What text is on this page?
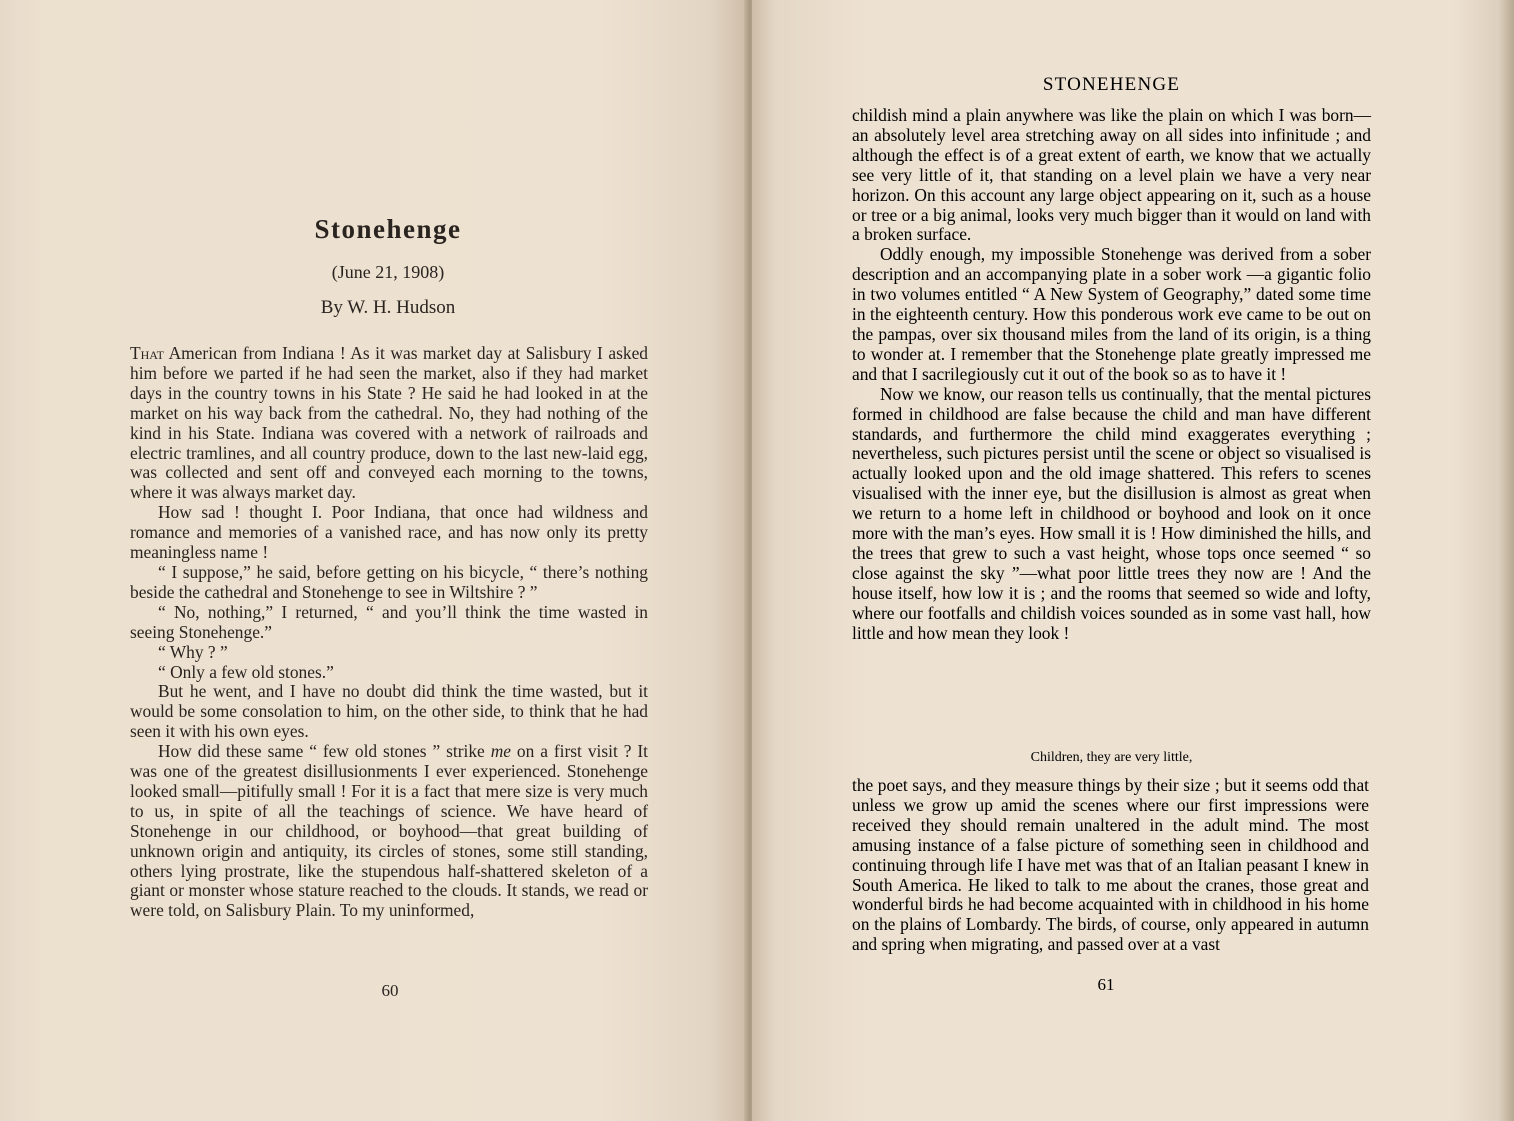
Stonehenge
(June 21, 1908)
By W. H. Hudson

That American from Indiana ! As it was market day at Salisbury I asked him before we parted if he had seen the market, also if they had market days in the country towns in his State ? He said he had looked in at the market on his way back from the cathedral. No, they had nothing of the kind in his State. Indiana was covered with a network of railroads and electric tramlines, and all country produce, down to the last new-laid egg, was collected and sent off and conveyed each morning to the towns, where it was always market day.

How sad ! thought I. Poor Indiana, that once had wildness and romance and memories of a vanished race, and has now only its pretty meaningless name !

“ I suppose,” he said, before getting on his bicycle, “ there’s nothing beside the cathedral and Stonehenge to see in Wiltshire ? ”

“ No, nothing,” I returned, “ and you’ll think the time wasted in seeing Stonehenge.”

“ Why ? ”

“ Only a few old stones.”

But he went, and I have no doubt did think the time wasted, but it would be some consolation to him, on the other side, to think that he had seen it with his own eyes.

How did these same “ few old stones ” strike me on a first visit ? It was one of the greatest disillusionments I ever experienced. Stonehenge looked small—pitifully small ! For it is a fact that mere size is very much to us, in spite of all the teachings of science. We have heard of Stonehenge in our childhood, or boyhood—that great building of unknown origin and antiquity, its circles of stones, some still standing, others lying prostrate, like the stupendous half-shattered skeleton of a giant or monster whose stature reached to the clouds. It stands, we read or were told, on Salisbury Plain. To my uninformed,

60
STONEHENGE

childish mind a plain anywhere was like the plain on which I was born—an absolutely level area stretching away on all sides into infinitude ; and although the effect is of a great extent of earth, we know that we actually see very little of it, that standing on a level plain we have a very near horizon. On this account any large object appearing on it, such as a house or tree or a big animal, looks very much bigger than it would on land with a broken surface.

Oddly enough, my impossible Stonehenge was derived from a sober description and an accompanying plate in a sober work —a gigantic folio in two volumes entitled “ A New System of Geography,” dated some time in the eighteenth century. How this ponderous work eve came to be out on the pampas, over six thousand miles from the land of its origin, is a thing to wonder at. I remember that the Stonehenge plate greatly impressed me and that I sacrilegiously cut it out of the book so as to have it !

Now we know, our reason tells us continually, that the mental pictures formed in childhood are false because the child and man have different standards, and furthermore the child mind exaggerates everything ; nevertheless, such pictures persist until the scene or object so visualised is actually looked upon and the old image shattered. This refers to scenes visualised with the inner eye, but the disillusion is almost as great when we return to a home left in childhood or boyhood and look on it once more with the man’s eyes. How small it is ! How diminished the hills, and the trees that grew to such a vast height, whose tops once seemed “ so close against the sky ”—what poor little trees they now are ! And the house itself, how low it is ; and the rooms that seemed so wide and lofty, where our footfalls and childish voices sounded as in some vast hall, how little and how mean they look !

Children, they are very little,

the poet says, and they measure things by their size ; but it seems odd that unless we grow up amid the scenes where our first impressions were received they should remain unaltered in the adult mind. The most amusing instance of a false picture of something seen in childhood and continuing through life I have met was that of an Italian peasant I knew in South America. He liked to talk to me about the cranes, those great and wonderful birds he had become acquainted with in childhood in his home on the plains of Lombardy. The birds, of course, only appeared in autumn and spring when migrating, and passed over at a vast

61
